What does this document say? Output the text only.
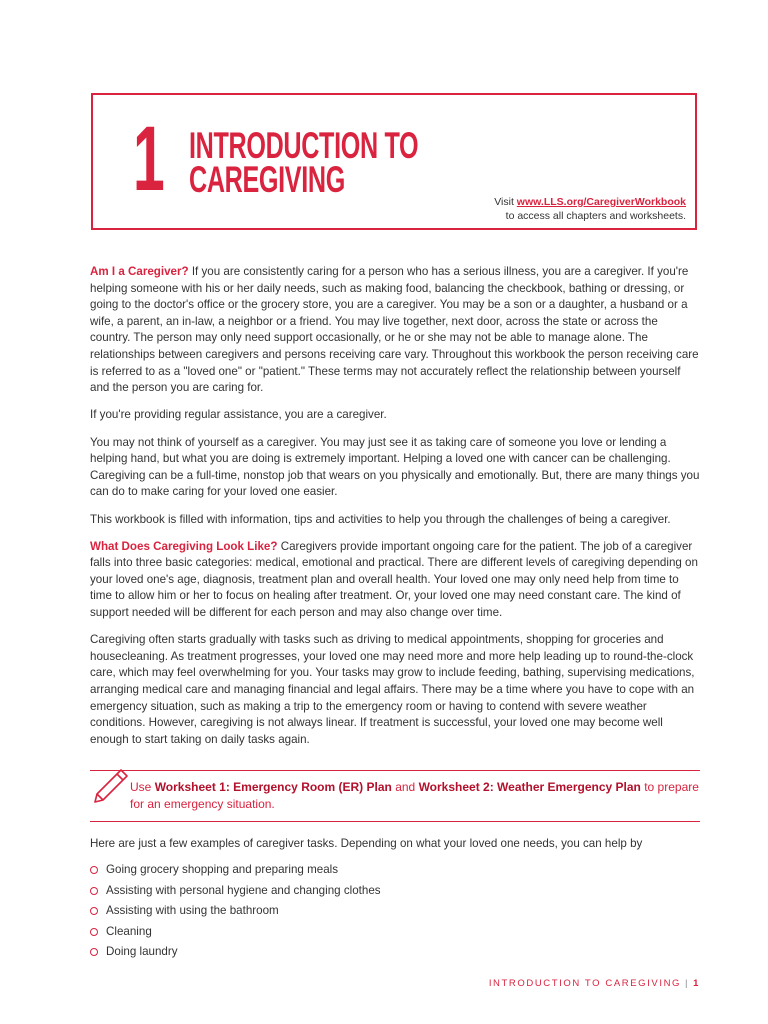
1 INTRODUCTION TO
CAREGIVING
Visit www.LLS.org/CaregiverWorkbook
to access all chapters and worksheets.

Am I a Caregiver? If you are consistently caring for a person who has a serious illness, you are a caregiver. If you're helping someone with his or her daily needs, such as making food, balancing the checkbook, bathing or dressing, or going to the doctor's office or the grocery store, you are a caregiver. You may be a son or a daughter, a husband or a wife, a parent, an in-law, a neighbor or a friend. You may live together, next door, across the state or across the country. The person may only need support occasionally, or he or she may not be able to manage alone. The relationships between caregivers and persons receiving care vary. Throughout this workbook the person receiving care is referred to as a "loved one" or "patient." These terms may not accurately reflect the relationship between yourself and the person you are caring for.

If you're providing regular assistance, you are a caregiver.

You may not think of yourself as a caregiver. You may just see it as taking care of someone you love or lending a helping hand, but what you are doing is extremely important. Helping a loved one with cancer can be challenging. Caregiving can be a full-time, nonstop job that wears on you physically and emotionally. But, there are many things you can do to make caring for your loved one easier.

This workbook is filled with information, tips and activities to help you through the challenges of being a caregiver.

What Does Caregiving Look Like? Caregivers provide important ongoing care for the patient. The job of a caregiver falls into three basic categories: medical, emotional and practical. There are different levels of caregiving depending on your loved one's age, diagnosis, treatment plan and overall health. Your loved one may only need help from time to time to allow him or her to focus on healing after treatment. Or, your loved one may need constant care. The kind of support needed will be different for each person and may also change over time.

Caregiving often starts gradually with tasks such as driving to medical appointments, shopping for groceries and housecleaning. As treatment progresses, your loved one may need more and more help leading up to round-the-clock care, which may feel overwhelming for you. Your tasks may grow to include feeding, bathing, supervising medications, arranging medical care and managing financial and legal affairs. There may be a time where you have to cope with an emergency situation, such as making a trip to the emergency room or having to contend with severe weather conditions. However, caregiving is not always linear. If treatment is successful, your loved one may become well enough to start taking on daily tasks again.

Use Worksheet 1: Emergency Room (ER) Plan and Worksheet 2: Weather Emergency Plan to prepare for an emergency situation.
Here are just a few examples of caregiver tasks. Depending on what your loved one needs, you can help by
Going grocery shopping and preparing meals
Assisting with personal hygiene and changing clothes
Assisting with using the bathroom
Cleaning
Doing laundry
INTRODUCTION TO CAREGIVING | 1
